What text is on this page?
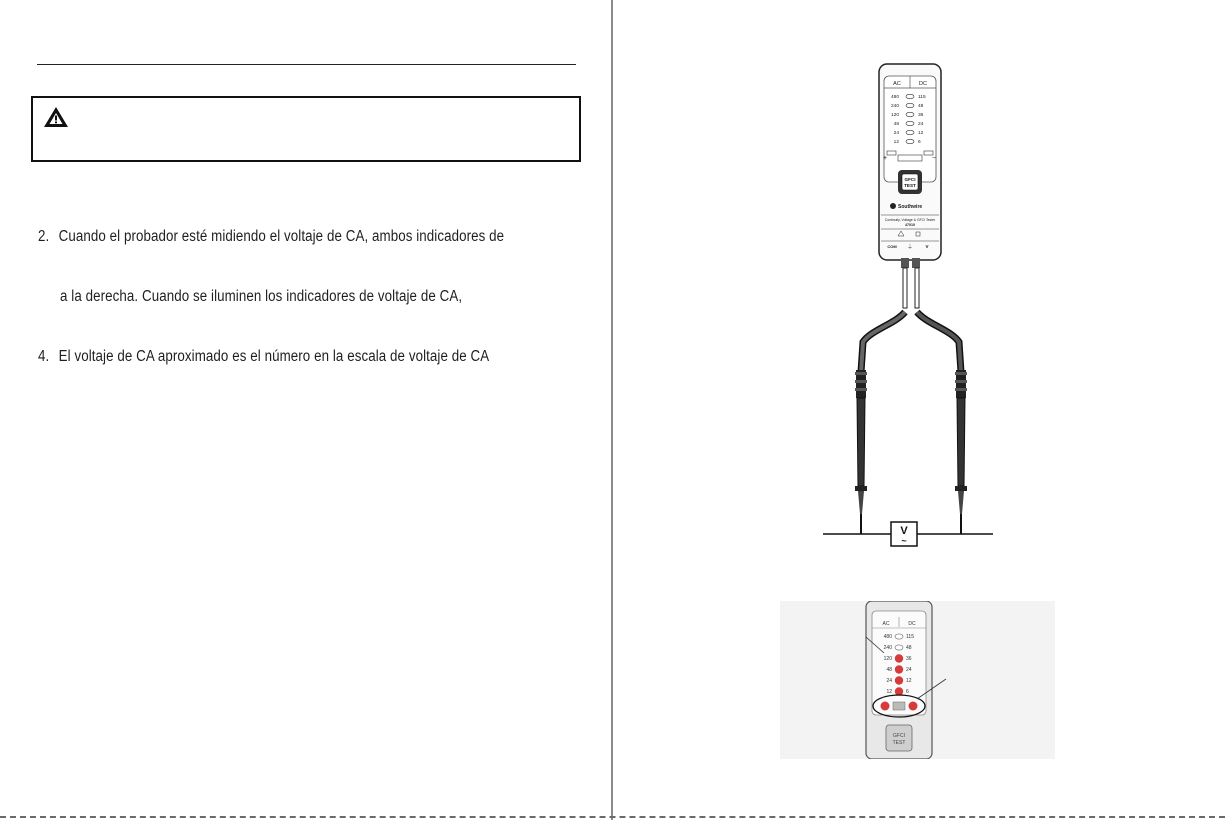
2. Cuando el probador esté midiendo el voltaje de CA, ambos indicadores de
a la derecha. Cuando se iluminen los indicadores de voltaje de CA,
4. El voltaje de CA aproximado es el número en la escala de voltaje de CA
AC	DC
480
240
120
48
24
12
115
48
36
24
12
6
+	−
GFCI
TEST
Southwire
Continuity, Voltage & GFCI Tester
47010
COM ⏚	V
V
~
AC	DC
480
240
120
48
24
12
115
48
36
24
12
6
GFCI
TEST
